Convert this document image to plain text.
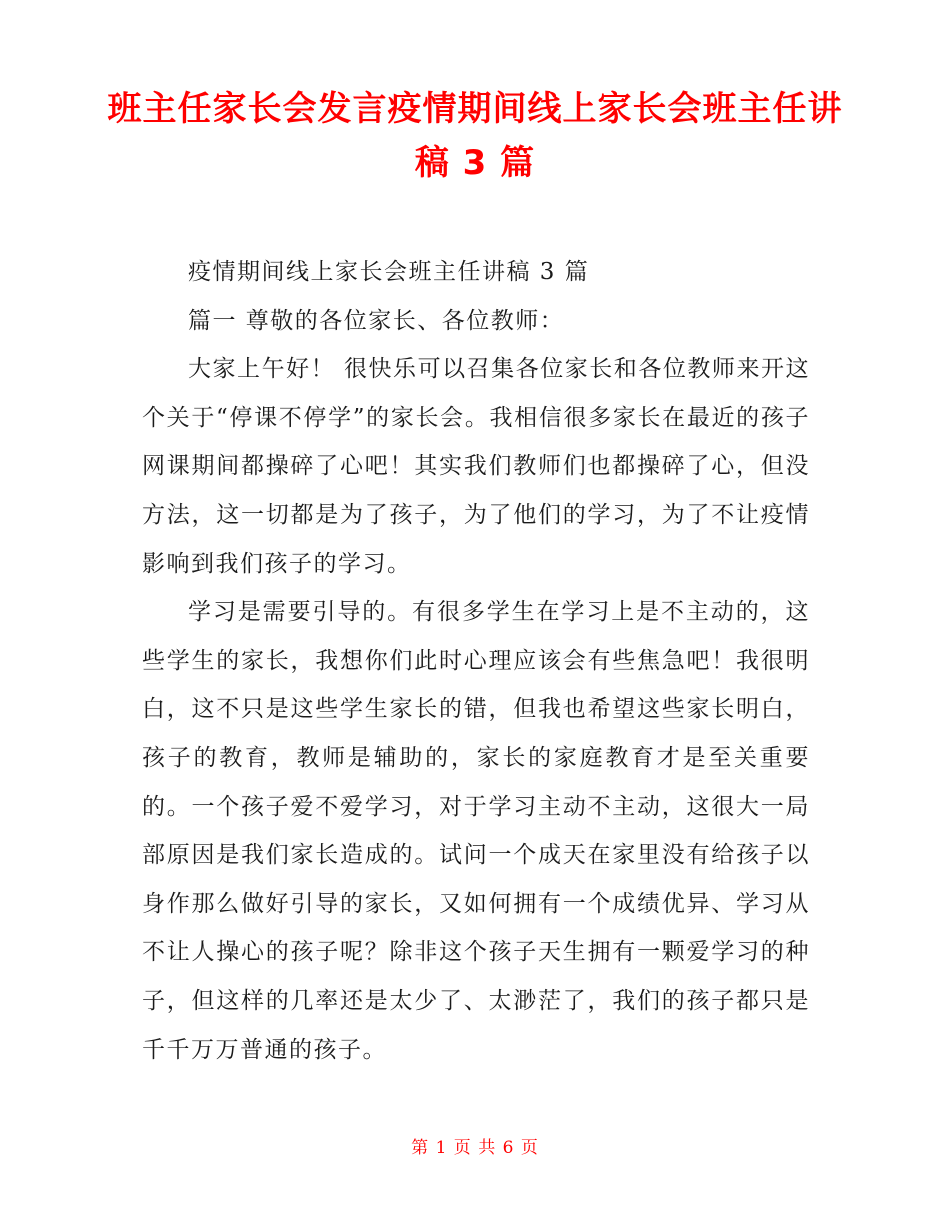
班主任家长会发言疫情期间线上家长会班主任讲稿 3 篇

疫情期间线上家长会班主任讲稿 3 篇

篇一 尊敬的各位家长、各位教师：

大家上午好！ 很快乐可以召集各位家长和各位教师来开这个关于“停课不停学”的家长会。我相信很多家长在最近的孩子网课期间都操碎了心吧！其实我们教师们也都操碎了心，但没方法，这一切都是为了孩子，为了他们的学习，为了不让疫情影响到我们孩子的学习。

学习是需要引导的。有很多学生在学习上是不主动的，这些学生的家长，我想你们此时心理应该会有些焦急吧！我很明白，这不只是这些学生家长的错，但我也希望这些家长明白，孩子的教育，教师是辅助的，家长的家庭教育才是至关重要的。一个孩子爱不爱学习，对于学习主动不主动，这很大一局部原因是我们家长造成的。试问一个成天在家里没有给孩子以身作那么做好引导的家长，又如何拥有一个成绩优异、学习从不让人操心的孩子呢？除非这个孩子天生拥有一颗爱学习的种子，但这样的几率还是太少了、太渺茫了，我们的孩子都只是千千万万普通的孩子。

第 1 页 共 6 页
